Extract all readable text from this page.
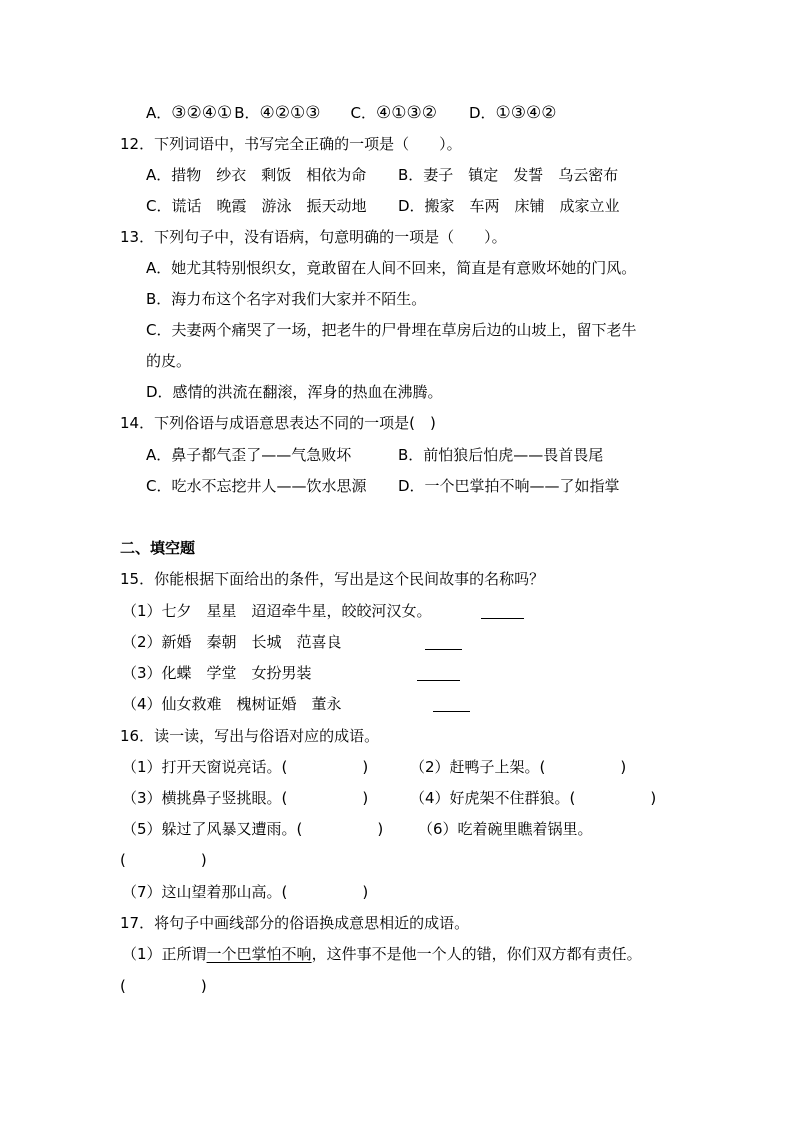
A．③②④① B．④②①③ C．④①③② D．①③④②
12．下列词语中，书写完全正确的一项是（　　）。
A．措物　纱衣　剩饭　相依为命 B．妻子　镇定　发誓　乌云密布
C．谎话　晚霞　游泳　振天动地 D．搬家　车两　床铺　成家立业
13．下列句子中，没有语病，句意明确的一项是（　　）。
A．她尤其特别恨织女，竟敢留在人间不回来，简直是有意败坏她的门风。
B．海力布这个名字对我们大家并不陌生。
C．夫妻两个痛哭了一场，把老牛的尸骨埋在草房后边的山坡上，留下老牛
的皮。
D．感情的洪流在翻滚，浑身的热血在沸腾。
14．下列俗语与成语意思表达不同的一项是(　)
A．鼻子都气歪了——气急败坏	B．前怕狼后怕虎——畏首畏尾
C．吃水不忘挖井人——饮水思源 D．一个巴掌拍不响——了如指掌
二、填空题
15．你能根据下面给出的条件，写出是这个民间故事的名称吗？
（1）七夕　星星　迢迢牵牛星，皎皎河汉女。
（2）新婚　秦朝　长城　范喜良
（3）化蝶　学堂　女扮男装
（4）仙女救难　槐树证婚　董永
16．读一读，写出与俗语对应的成语。
（1）打开天窗说亮话。(　　　　　)	（2）赶鸭子上架。(　　　　　)
（3）横挑鼻子竖挑眼。(　　　　　)	（4）好虎架不住群狼。(　　　　　)
（5）躲过了风暴又遭雨。(　　　　　) （6）吃着碗里瞧着锅里。
(　　　　　)
（7）这山望着那山高。(　　　　　)
17．将句子中画线部分的俗语换成意思相近的成语。
（1）正所谓一个巴掌怕不响，这件事不是他一个人的错，你们双方都有责任。
(　　　　　)
